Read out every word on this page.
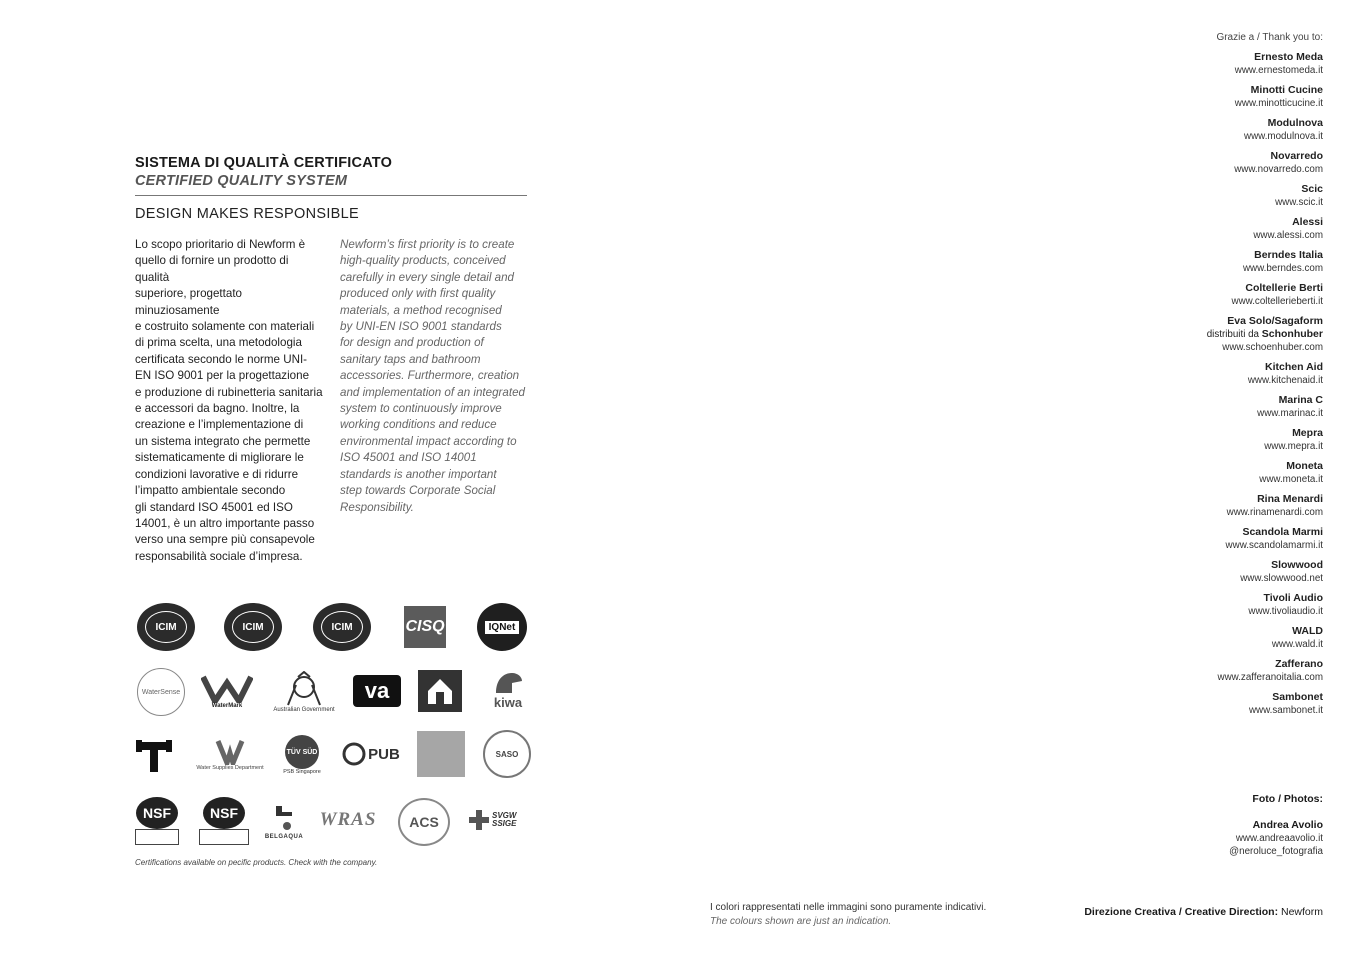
SISTEMA DI QUALITÀ CERTIFICATO
CERTIFIED QUALITY SYSTEM
DESIGN MAKES RESPONSIBLE
Lo scopo prioritario di Newform è
quello di fornire un prodotto di qualità
superiore, progettato minuziosamente
e costruito solamente con materiali
di prima scelta, una metodologia
certificata secondo le norme UNI-
EN ISO 9001 per la progettazione
e produzione di rubinetteria sanitaria
e accessori da bagno. Inoltre, la
creazione e l’implementazione di
un sistema integrato che permette
sistematicamente di migliorare le
condizioni lavorative e di ridurre
l’impatto ambientale secondo
gli standard ISO 45001 ed ISO
14001, è un altro importante passo
verso una sempre più consapevole
responsabilità sociale d’impresa.
Newform’s first priority is to create
high-quality products, conceived
carefully in every single detail and
produced only with first quality
materials, a method recognised
by UNI-EN ISO 9001 standards
for design and production of
sanitary taps and bathroom
accessories. Furthermore, creation
and implementation of an integrated
system to continuously improve
working conditions and reduce
environmental impact according to
ISO 45001 and ISO 14001
standards is another important
step towards Corporate Social
Responsibility.
ICIM	ICIM	ICIM	CISQ	IQNet
WaterSense
WaterMark
Australian Government
va	kiwa
Water Supplies Department
TÜV SÜD
PSB Singapore
PUB	SASO
NSF	NSF
BELGAQUA
WRAS ACS	SVGW SSIGE
Certifications available on pecific products. Check with the company.
Grazie a / Thank you to:
Ernesto Meda
www.ernestomeda.it
Minotti Cucine
www.minotticucine.it
Modulnova
www.modulnova.it
Novarredo
www.novarredo.com
Scic
www.scic.it
Alessi
www.alessi.com
Berndes Italia
www.berndes.com
Coltellerie Berti
www.coltellerieberti.it
Eva Solo/Sagaform
distribuiti da Schonhuber
www.schoenhuber.com
Kitchen Aid
www.kitchenaid.it
Marina C
www.marinac.it
Mepra
www.mepra.it
Moneta
www.moneta.it
Rina Menardi
www.rinamenardi.com
Scandola Marmi
www.scandolamarmi.it
Slowwood
www.slowwood.net
Tivoli Audio
www.tivoliaudio.it
WALD
www.wald.it
Zafferano
www.zafferanoitalia.com
Sambonet
www.sambonet.it
Foto / Photos:
Andrea Avolio
www.andreaavolio.it
@neroluce_fotografia
I colori rappresentati nelle immagini sono puramente indicativi.
The colours shown are just an indication.
Direzione Creativa / Creative Direction: Newform
